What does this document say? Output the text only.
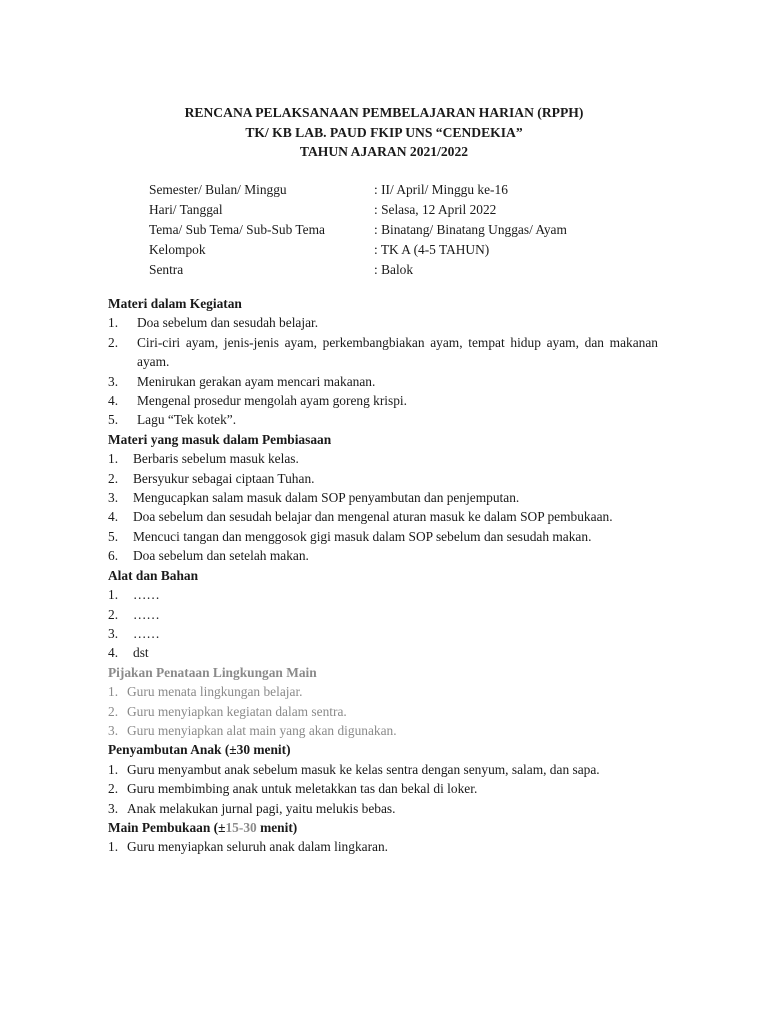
RENCANA PELAKSANAAN PEMBELAJARAN HARIAN (RPPH)
TK/ KB LAB. PAUD FKIP UNS “CENDEKIA”
TAHUN AJARAN 2021/2022
Semester/ Bulan/ Minggu	: II/ April/ Minggu ke-16
Hari/ Tanggal	: Selasa, 12 April 2022
Tema/ Sub Tema/ Sub-Sub Tema	: Binatang/ Binatang Unggas/ Ayam
Kelompok	: TK A (4-5 TAHUN)
Sentra	: Balok
Materi dalam Kegiatan
1.	Doa sebelum dan sesudah belajar.
2.	Ciri-ciri ayam, jenis-jenis ayam, perkembangbiakan ayam, tempat hidup ayam, dan makanan ayam.
3.	Menirukan gerakan ayam mencari makanan.
4.	Mengenal prosedur mengolah ayam goreng krispi.
5.	Lagu “Tek kotek”.
Materi yang masuk dalam Pembiasaan
1.	Berbaris sebelum masuk kelas.
2.	Bersyukur sebagai ciptaan Tuhan.
3.	Mengucapkan salam masuk dalam SOP penyambutan dan penjemputan.
4.	Doa sebelum dan sesudah belajar dan mengenal aturan masuk ke dalam SOP pembukaan.
5.	Mencuci tangan dan menggosok gigi masuk dalam SOP sebelum dan sesudah makan.
6.	Doa sebelum dan setelah makan.
Alat dan Bahan
1.	……
2.	……
3.	……
4.	dst
Pijakan Penataan Lingkungan Main
1. Guru menata lingkungan belajar.
2. Guru menyiapkan kegiatan dalam sentra.
3. Guru menyiapkan alat main yang akan digunakan.
Penyambutan Anak (±30 menit)
1. Guru menyambut anak sebelum masuk ke kelas sentra dengan senyum, salam, dan sapa.
2. Guru membimbing anak untuk meletakkan tas dan bekal di loker.
3. Anak melakukan jurnal pagi, yaitu melukis bebas.
Main Pembukaan (±15-30 menit)
1. Guru menyiapkan seluruh anak dalam lingkaran.
